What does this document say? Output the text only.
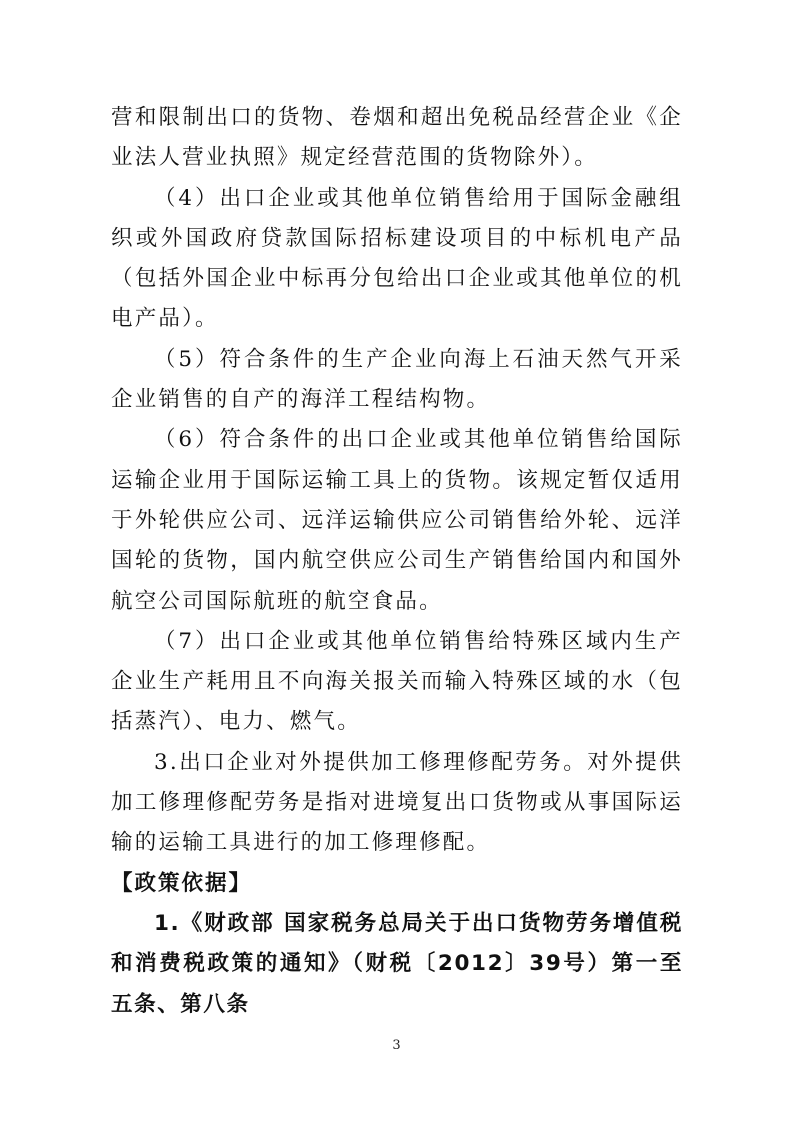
营和限制出口的货物、卷烟和超出免税品经营企业《企业法人营业执照》规定经营范围的货物除外）。

（4）出口企业或其他单位销售给用于国际金融组织或外国政府贷款国际招标建设项目的中标机电产品（包括外国企业中标再分包给出口企业或其他单位的机电产品）。

（5）符合条件的生产企业向海上石油天然气开采企业销售的自产的海洋工程结构物。

（6）符合条件的出口企业或其他单位销售给国际运输企业用于国际运输工具上的货物。该规定暂仅适用于外轮供应公司、远洋运输供应公司销售给外轮、远洋国轮的货物，国内航空供应公司生产销售给国内和国外航空公司国际航班的航空食品。

（7）出口企业或其他单位销售给特殊区域内生产企业生产耗用且不向海关报关而输入特殊区域的水（包括蒸汽）、电力、燃气。

3.出口企业对外提供加工修理修配劳务。对外提供加工修理修配劳务是指对进境复出口货物或从事国际运输的运输工具进行的加工修理修配。

【政策依据】

1.《财政部 国家税务总局关于出口货物劳务增值税和消费税政策的通知》（财税〔2012〕39号）第一至五条、第八条

3
